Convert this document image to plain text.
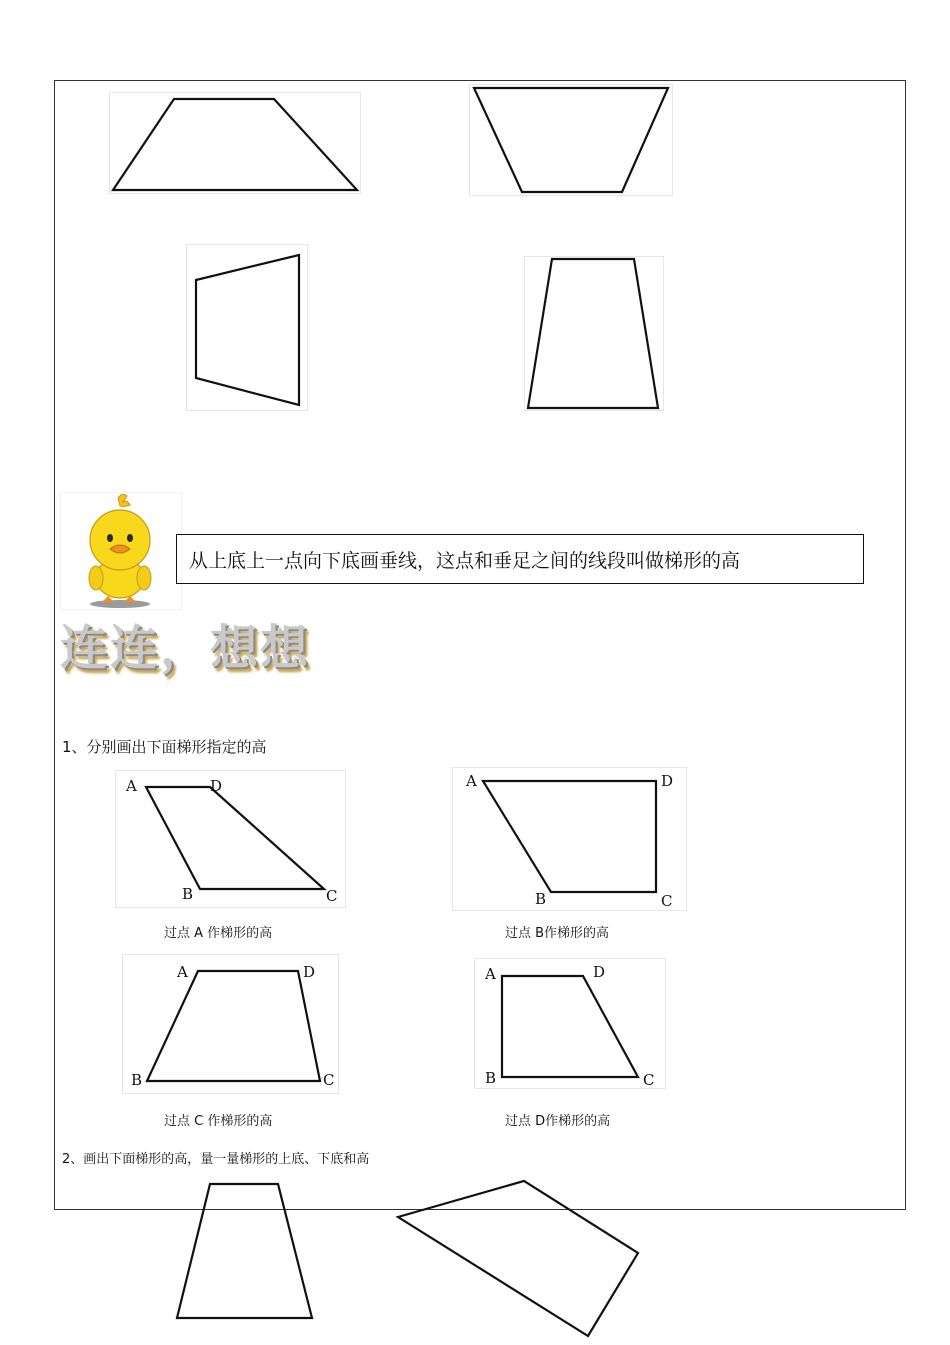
从上底上一点向下底画垂线，这点和垂足之间的线段叫做梯形的高
连连，想想
1、分别画出下面梯形指定的高
A	D
B	C
过点 A 作梯形的高
A	D
B	C
过点 B作梯形的高
A	D
B	C
过点 C 作梯形的高
A	D
B	C
过点 D作梯形的高
2、画出下面梯形的高，量一量梯形的上底、下底和高
